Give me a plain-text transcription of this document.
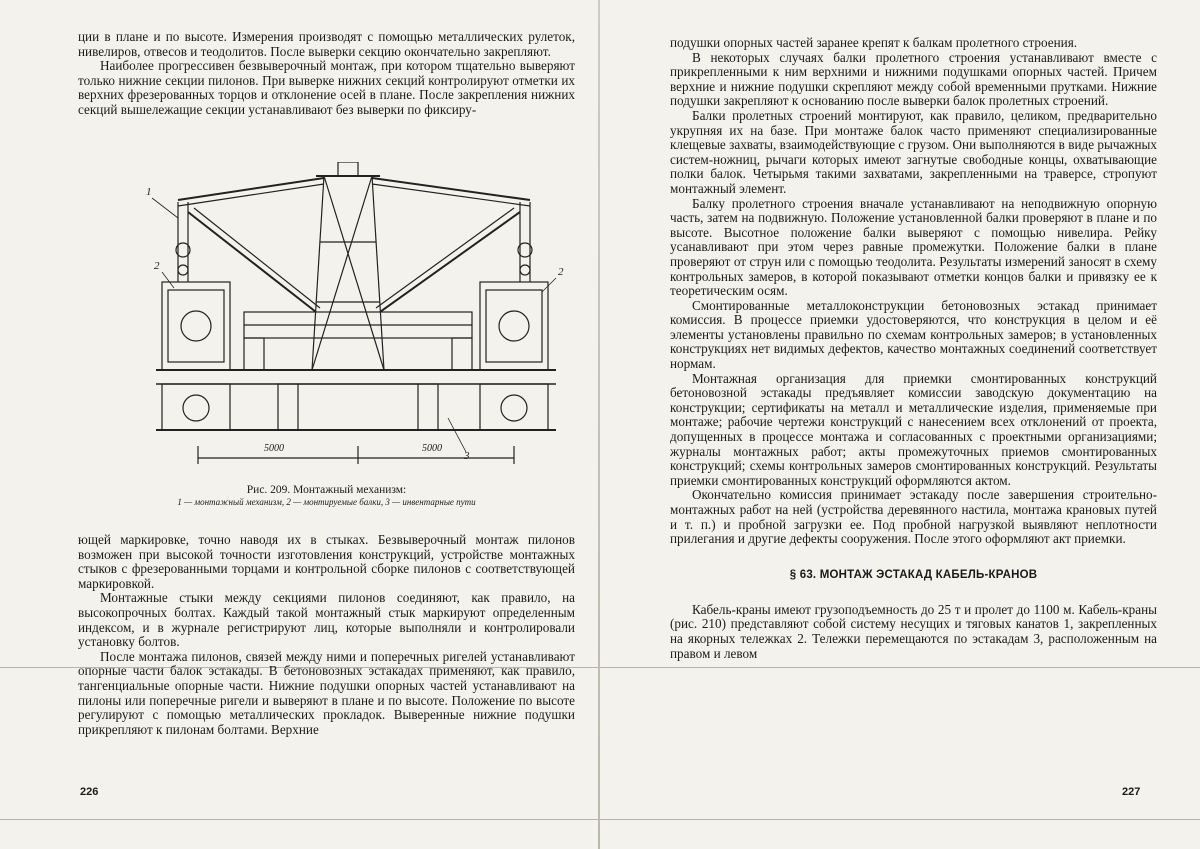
ции в плане и по высоте. Измерения производят с помощью металлических рулеток, нивелиров, отвесов и теодолитов. После выверки секцию окончательно закрепляют.

Наиболее прогрессивен безвыверочный монтаж, при котором тщательно выверяют только нижние секции пилонов. При выверке нижних секций контролируют отметки их верхних фрезерованных торцов и отклонение осей в плане. После закрепления нижних секций вышележащие секции устанавливают без выверки по фиксиру-

1
2	2
3
5000	5000
Рис. 209. Монтажный механизм:
1 — монтажный механизм, 2 — монтируемые балки, 3 — инвентарные пути

ющей маркировке, точно наводя их в стыках. Безвыверочный монтаж пилонов возможен при высокой точности изготовления конструкций, устройстве монтажных стыков с фрезерованными торцами и контрольной сборке пилонов с соответствующей маркировкой.

Монтажные стыки между секциями пилонов соединяют, как правило, на высокопрочных болтах. Каждый такой монтажный стык маркируют определенным индексом, и в журнале регистрируют лиц, которые выполняли и контролировали установку болтов.

После монтажа пилонов, связей между ними и поперечных ригелей устанавливают опорные части балок эстакады. В бетоновозных эстакадах применяют, как правило, тангенциальные опорные части. Нижние подушки опорных частей устанавливают на пилоны или поперечные ригели и выверяют в плане и по высоте. Положение по высоте регулируют с помощью металлических прокладок. Выверенные нижние подушки прикрепляют к пилонам болтами. Верхние

226

подушки опорных частей заранее крепят к балкам пролетного строения.

В некоторых случаях балки пролетного строения устанавливают вместе с прикрепленными к ним верхними и нижними подушками опорных частей. Причем верхние и нижние подушки скрепляют между собой временными прутками. Нижние подушки закрепляют к основанию после выверки балок пролетных строений.

Балки пролетных строений монтируют, как правило, целиком, предварительно укрупняя их на базе. При монтаже балок часто применяют специализированные клещевые захваты, взаимодействующие с грузом. Они выполняются в виде рычажных систем-ножниц, рычаги которых имеют загнутые свободные концы, охватывающие полки балок. Четырьмя такими захватами, закрепленными на траверсе, стропуют монтажный элемент.

Балку пролетного строения вначале устанавливают на неподвижную опорную часть, затем на подвижную. Положение установленной балки проверяют в плане и по высоте. Высотное положение балки выверяют с помощью нивелира. Рейку усанавливают при этом через равные промежутки. Положение балки в плане проверяют от струн или с помощью теодолита. Результаты измерений заносят в схему контрольных замеров, в которой показывают отметки концов балки и привязку ее к теоретическим осям.

Смонтированные металлоконструкции бетоновозных эстакад принимает комиссия. В процессе приемки удостоверяются, что конструкция в целом и её элементы установлены правильно по схемам контрольных замеров; в установленных конструкциях нет видимых дефектов, качество монтажных соединений соответствует нормам.

Монтажная организация для приемки смонтированных конструкций бетоновозной эстакады предъявляет комиссии заводскую документацию на конструкции; сертификаты на металл и металлические изделия, применяемые при монтаже; рабочие чертежи конструкций с нанесением всех отклонений от проекта, допущенных в процессе монтажа и согласованных с проектными организациями; журналы монтажных работ; акты промежуточных приемов смонтированных конструкций; схемы контрольных замеров смонтированных конструкций. Результаты приемки смонтированных конструкций оформляются актом.

Окончательно комиссия принимает эстакаду после завершения строительно-монтажных работ на ней (устройства деревянного настила, монтажа крановых путей и т. п.) и пробной загрузки ее. Под пробной нагрузкой выявляют неплотности прилегания и другие дефекты сооружения. После этого оформляют акт приемки.

§ 63. МОНТАЖ ЭСТАКАД КАБЕЛЬ-КРАНОВ

Кабель-краны имеют грузоподъемность до 25 т и пролет до 1100 м. Кабель-краны (рис. 210) представляют собой систему несущих и тяговых канатов 1, закрепленных на якорных тележках 2. Тележки перемещаются по эстакадам 3, расположенным на правом и левом

227
